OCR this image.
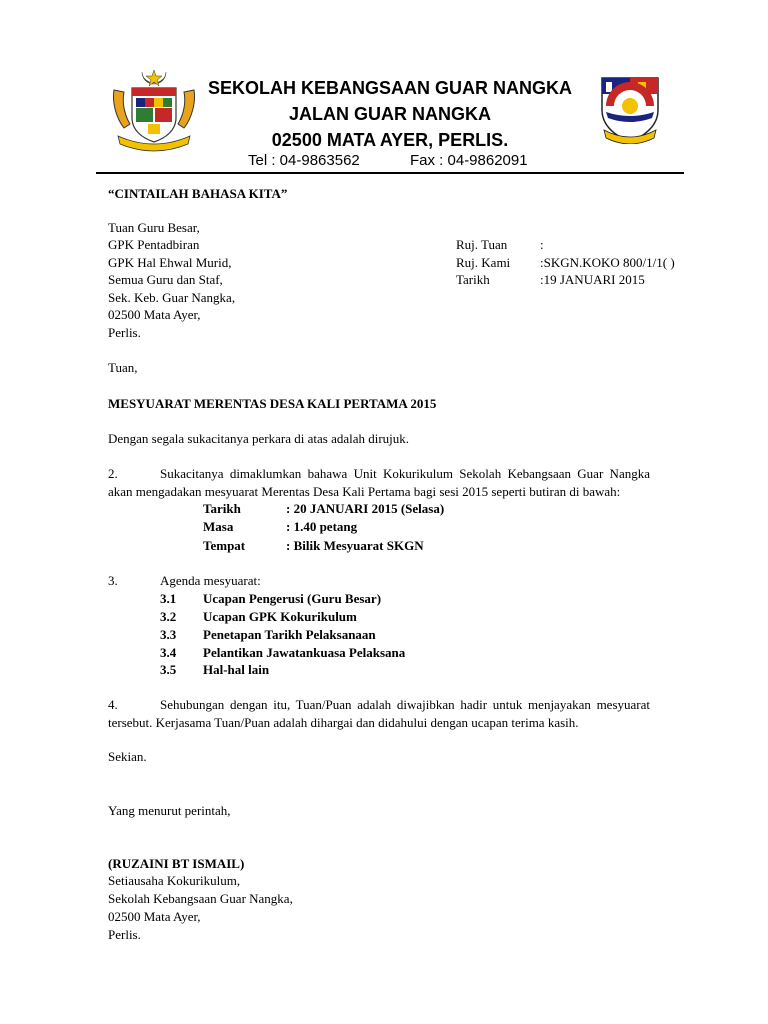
SEKOLAH KEBANGSAAN GUAR NANGKA
JALAN GUAR NANGKA
02500 MATA AYER, PERLIS.
Tel : 04-9863562	Fax : 04-9862091
“CINTAILAH BAHASA KITA”
Tuan Guru Besar,
GPK Pentadbiran
GPK Hal Ehwal Murid,
Semua Guru dan Staf,
Sek. Keb. Guar Nangka,
02500 Mata Ayer,
Perlis.
Ruj. Tuan	:
Ruj. Kami :SKGN.KOKO 800/1/1( )
Tarikh	:19 JANUARI 2015
Tuan,
MESYUARAT MERENTAS DESA KALI PERTAMA 2015
Dengan segala sukacitanya perkara di atas adalah dirujuk.
2.	Sukacitanya dimaklumkan bahawa Unit Kokurikulum Sekolah Kebangsaan Guar Nangka akan mengadakan mesyuarat Merentas Desa Kali Pertama bagi sesi 2015 seperti butiran di bawah:
Tarikh	: 20 JANUARI 2015 (Selasa)
Masa	: 1.40 petang
Tempat	: Bilik Mesyuarat SKGN
3.	Agenda mesyuarat:
3.1 Ucapan Pengerusi (Guru Besar)
3.2 Ucapan GPK Kokurikulum
3.3 Penetapan Tarikh Pelaksanaan
3.4 Pelantikan Jawatankuasa Pelaksana
3.5 Hal-hal lain
4.	Sehubungan dengan itu, Tuan/Puan adalah diwajibkan hadir untuk menjayakan mesyuarat tersebut. Kerjasama Tuan/Puan adalah dihargai dan didahului dengan ucapan terima kasih.
Sekian.
Yang menurut perintah,
(RUZAINI BT ISMAIL)
Setiausaha Kokurikulum,
Sekolah Kebangsaan Guar Nangka,
02500 Mata Ayer,
Perlis.
